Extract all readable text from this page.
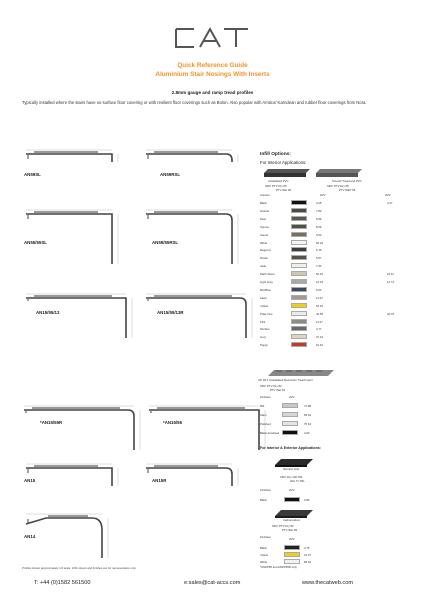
Quick Reference Guide
Aluminium Stair Nosings With Inserts
2.8mm gauge and ramp tread profiles
Typically installed where the stairs have no surface floor covering or with resilient floor coverings such as Bolon. Also popular with Amtico/ Karndean and rubber floor coverings from Nora.
Infill Options:
For Interior Applications:
Castellated PVC	Smooth Tread-end PVC
SRV: PTV Dry 65
PTV Wet 36
SRV: PTV Dry 65
PTV WET 56
Colours:	LRV:	LRV:
Black	4.25	4.47
Granite	7.82
Peat	5.86
Spruce	8.06
Camel	9.63
White	84.22
Regency	5.16
Rustic	5.57
Jade	7.93
Parth Stone	52.91	22.11
Light Grey	12.33	12.74
Mid Blue	6.63
Fawn	11.21
Yellow	54.91
Polar One	42.55	42.75
Flint	11.27
Nimbus	4.77
Ivory	37.42
Poppy	10.61
ATI 48 3 Castellated Aluminium Tread Insert
SRV: PTV Dry 82
PTV Wet 54
Finishes:	LRV:
Mill	71.88
Satin	65.49
Polished	75.64
Black Anodised	4.60
For Interior & Exterior Applications:
Olympic Grip
SRV: Dry 102 TRL
Wet 71 TRL
Finishes:	LRV:
Black	3.86
Carborundum
SRV: PTV Dry 82
PTV Wet 99
Finishes:	LRV:
Black	4.75
Yellow	41.37
White	68.46
*AN15/55 and AN15/55R only
Profiles shown approximately 1/2 scale. Infill colours and finishes are for representation only.
T: +44 (0)1582 561500	e:sales@cat-accs.com	www.thecatweb.com
AN59SL	AN59RSL
AN55/55SL	AN59/55RSL
AN15/55/13	AN15/55/13R
*AN15/55R	*AN15/55
AN15	AN15R
AN14
